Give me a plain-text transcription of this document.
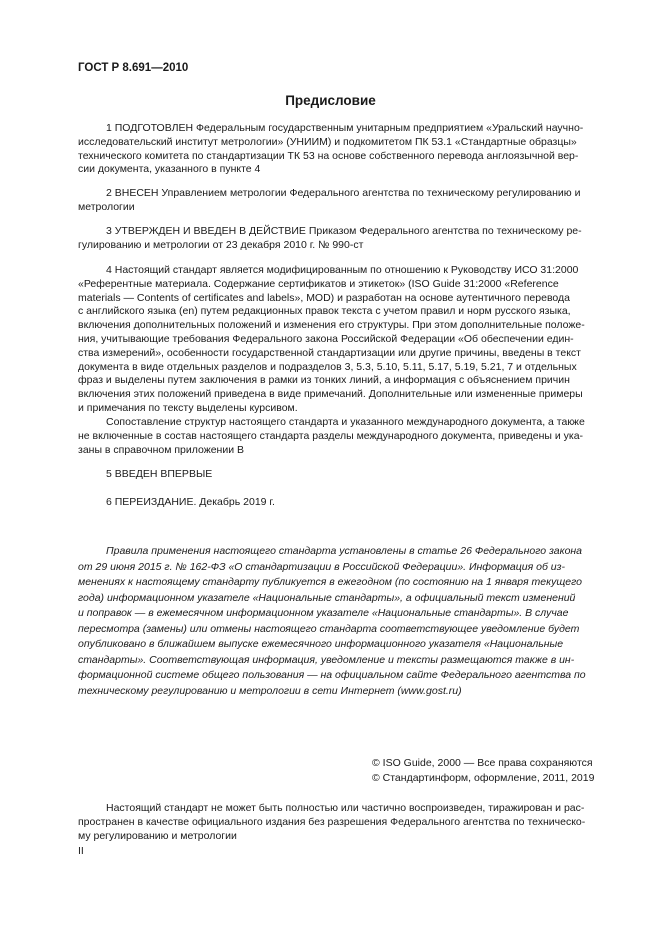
ГОСТ Р 8.691—2010
Предисловие

1 ПОДГОТОВЛЕН Федеральным государственным унитарным предприятием «Уральский научно-

исследовательский институт метрологии» (УНИИМ) и подкомитетом ПК 53.1 «Стандартные образцы»

технического комитета по стандартизации ТК 53 на основе собственного перевода англоязычной вер-

сии документа, указанного в пункте 4

2 ВНЕСЕН Управлением метрологии Федерального агентства по техническому регулированию и

метрологии

3 УТВЕРЖДЕН И ВВЕДЕН В ДЕЙСТВИЕ Приказом Федерального агентства по техническому ре-

гулированию и метрологии от 23 декабря 2010 г. № 990-ст

4 Настоящий стандарт является модифицированным по отношению к Руководству ИСО 31:2000

«Референтные материала. Содержание сертификатов и этикеток» (ISO Guide 31:2000 «Reference

materials — Contents of certificates and labels», MOD) и разработан на основе аутентичного перевода

с английского языка (en) путем редакционных правок текста с учетом правил и норм русского языка,

включения дополнительных положений и изменения его структуры. При этом дополнительные положе-

ния, учитывающие требования Федерального закона Российской Федерации «Об обеспечении един-

ства измерений», особенности государственной стандартизации или другие причины, введены в текст

документа в виде отдельных разделов и подразделов 3, 5.3, 5.10, 5.11, 5.17, 5.19, 5.21, 7 и отдельных

фраз и выделены путем заключения в рамки из тонких линий, а информация с объяснением причин

включения этих положений приведена в виде примечаний. Дополнительные или измененные примеры

и примечания по тексту выделены курсивом.

Сопоставление структур настоящего стандарта и указанного международного документа, а также

не включенные в состав настоящего стандарта разделы международного документа, приведены и ука-

заны в справочном приложении В

5 ВВЕДЕН ВПЕРВЫЕ

6 ПЕРЕИЗДАНИЕ. Декабрь 2019 г.

Правила применения настоящего стандарта установлены в статье 26 Федерального закона
от 29 июня 2015 г. № 162-ФЗ «О стандартизации в Российской Федерации». Информация об из-
менениях к настоящему стандарту публикуется в ежегодном (по состоянию на 1 января текущего
года) информационном указателе «Национальные стандарты», а официальный текст изменений
и поправок — в ежемесячном информационном указателе «Национальные стандарты». В случае
пересмотра (замены) или отмены настоящего стандарта соответствующее уведомление будет
опубликовано в ближайшем выпуске ежемесячного информационного указателя «Национальные
стандарты». Соответствующая информация, уведомление и тексты размещаются также в ин-
формационной системе общего пользования — на официальном сайте Федерального агентства по
техническому регулированию и метрологии в сети Интернет (www.gost.ru)
© ISO Guide, 2000 — Все права сохраняются
© Стандартинформ, оформление, 2011, 2019

Настоящий стандарт не может быть полностью или частично воспроизведен, тиражирован и рас-

пространен в качестве официального издания без разрешения Федерального агентства по техническо-

му регулированию и метрологии

II
